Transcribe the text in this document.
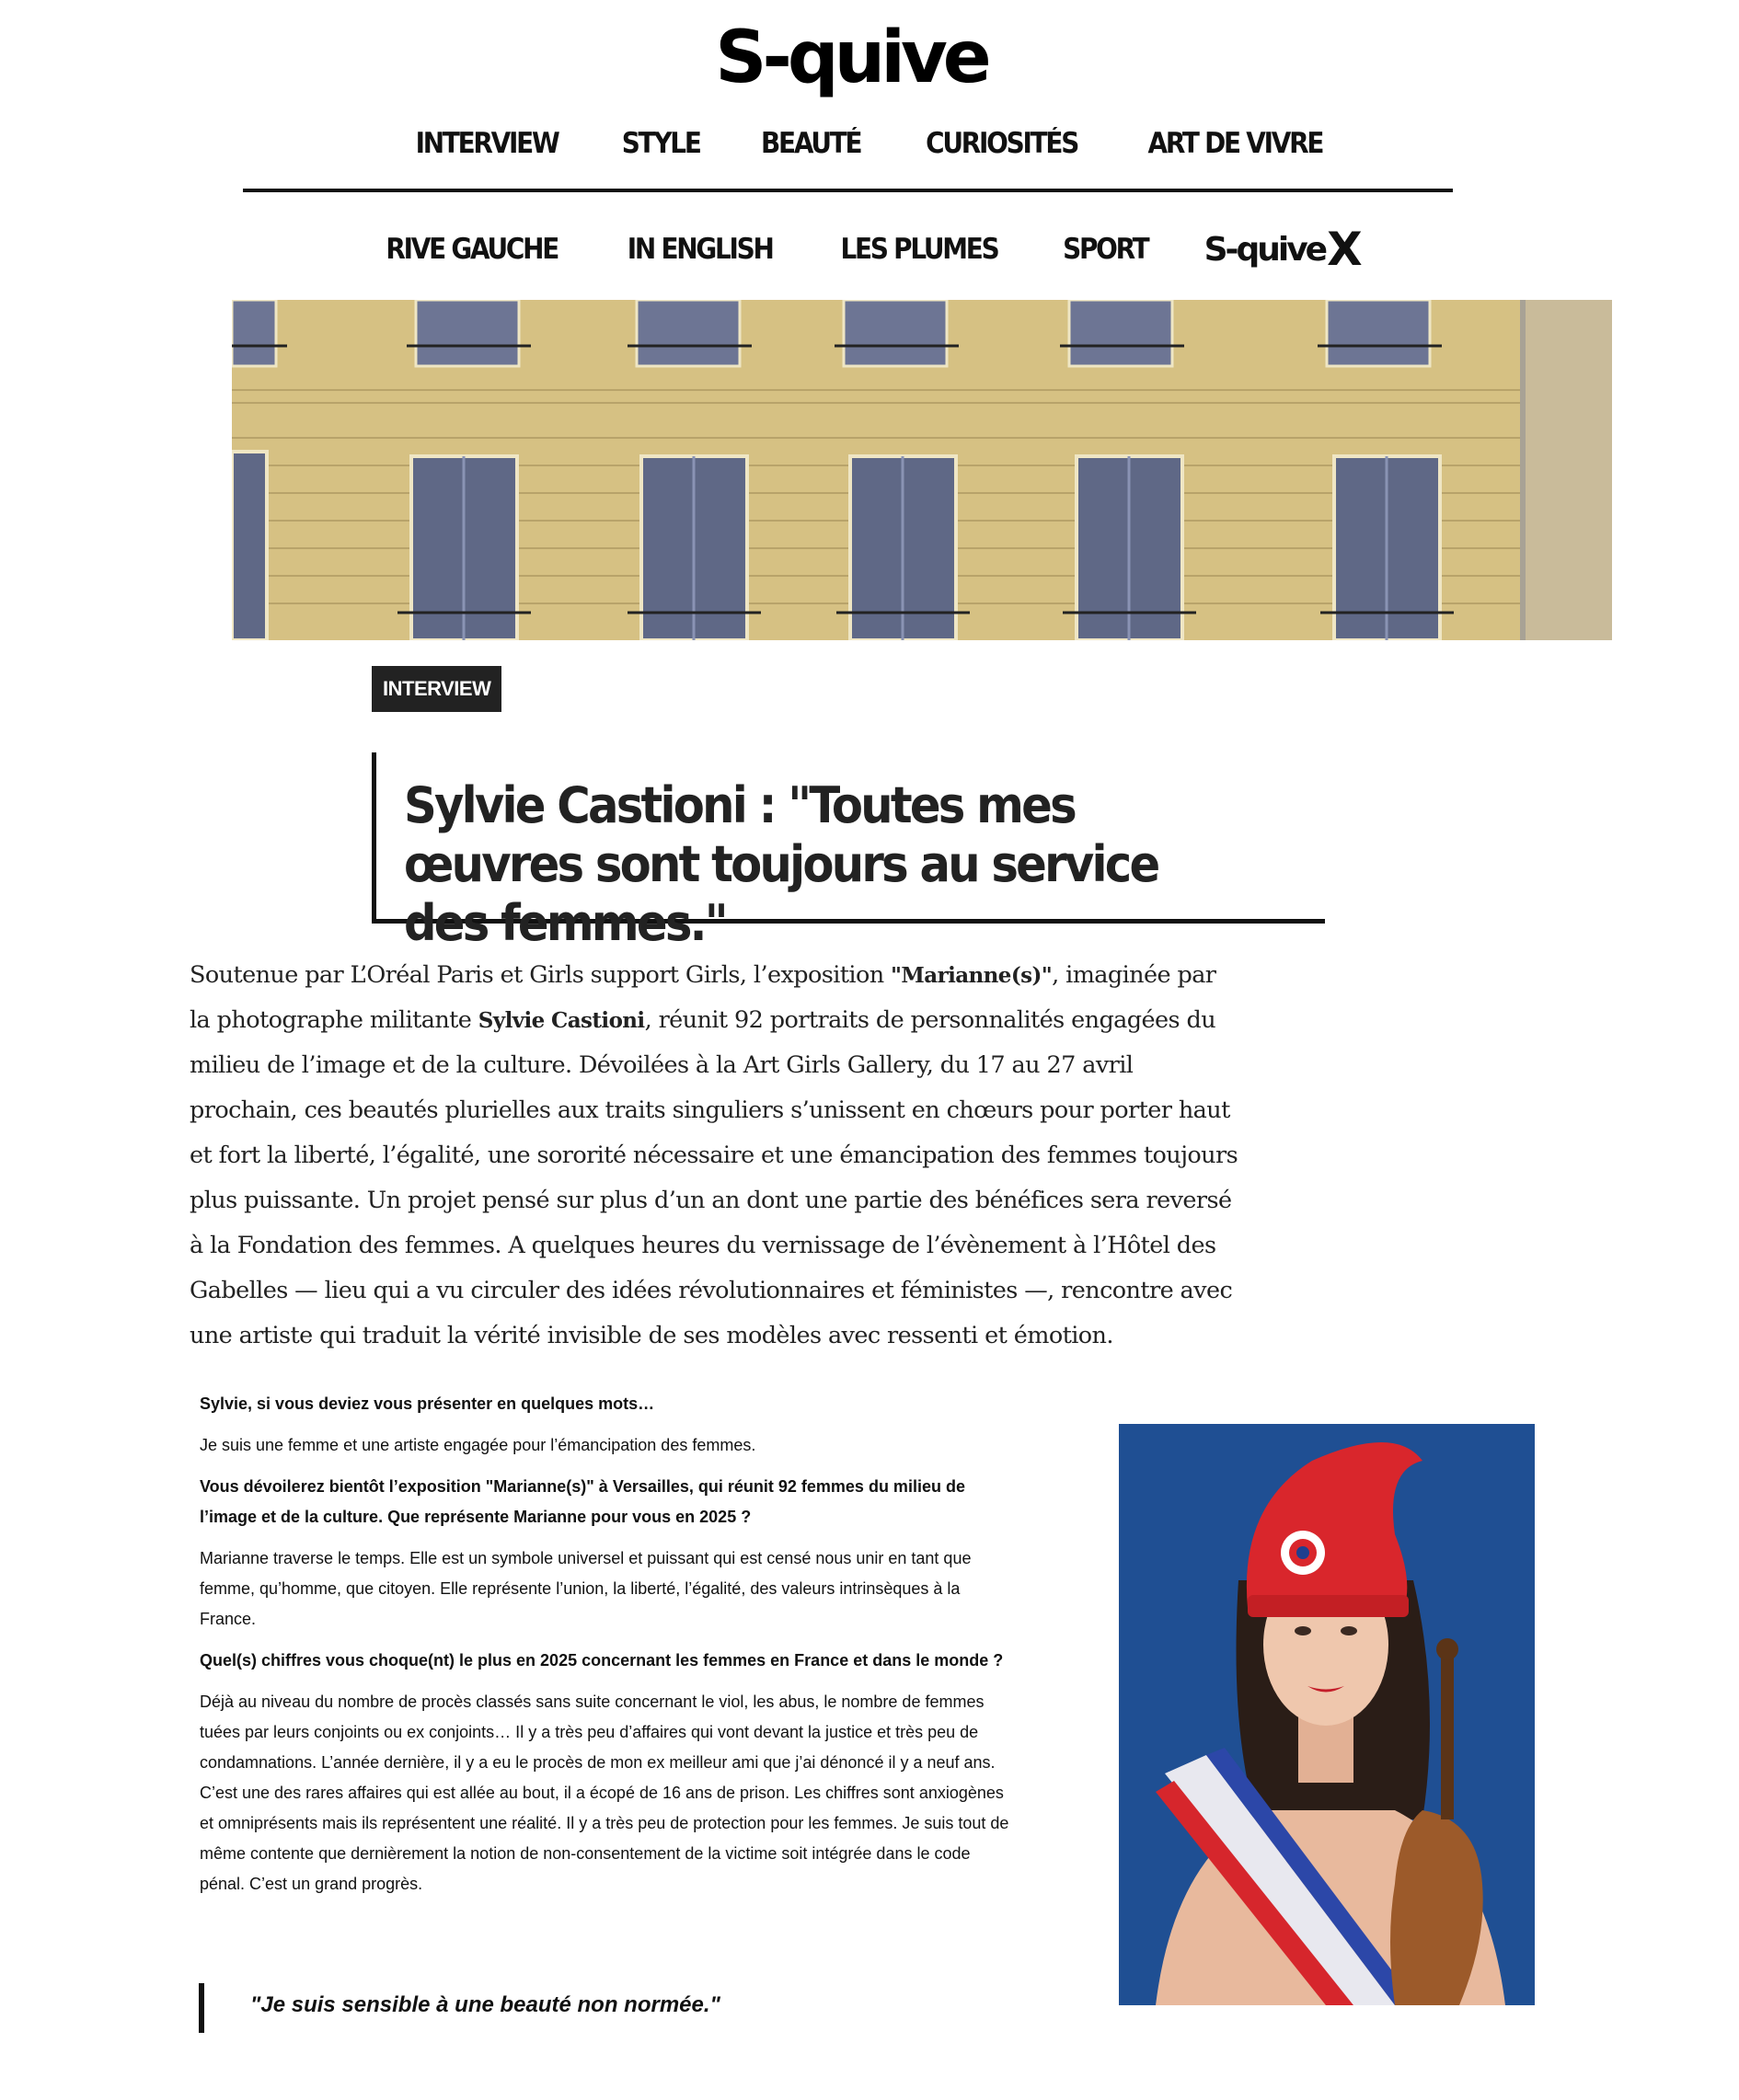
S-quive
INTERVIEW STYLE BEAUTÉ CURIOSITÉS ART DE VIVRE
RIVE GAUCHE IN ENGLISH LES PLUMES SPORT S-quive X
INTERVIEW
Sylvie Castioni : "Toutes mes œuvres sont toujours au service des femmes."

Soutenue par L’Oréal Paris et Girls support Girls, l’exposition "Marianne(s)", imaginée par la photographe militante Sylvie Castioni, réunit 92 portraits de personnalités engagées du milieu de l’image et de la culture. Dévoilées à la Art Girls Gallery, du 17 au 27 avril prochain, ces beautés plurielles aux traits singuliers s’unissent en chœurs pour porter haut et fort la liberté, l’égalité, une sororité nécessaire et une émancipation des femmes toujours plus puissante. Un projet pensé sur plus d’un an dont une partie des bénéfices sera reversé à la Fondation des femmes. A quelques heures du vernissage de l’évènement à l’Hôtel des Gabelles — lieu qui a vu circuler des idées révolutionnaires et féministes —, rencontre avec une artiste qui traduit la vérité invisible de ses modèles avec ressenti et émotion.

Sylvie, si vous deviez vous présenter en quelques mots…

Je suis une femme et une artiste engagée pour l’émancipation des femmes.

Vous dévoilerez bientôt l’exposition "Marianne(s)" à Versailles, qui réunit 92 femmes du milieu de l’image et de la culture. Que représente Marianne pour vous en 2025 ?

Marianne traverse le temps. Elle est un symbole universel et puissant qui est censé nous unir en tant que femme, qu’homme, que citoyen. Elle représente l’union, la liberté, l’égalité, des valeurs intrinsèques à la France.

Quel(s) chiffres vous choque(nt) le plus en 2025 concernant les femmes en France et dans le monde ?

Déjà au niveau du nombre de procès classés sans suite concernant le viol, les abus, le nombre de femmes tuées par leurs conjoints ou ex conjoints… Il y a très peu d’affaires qui vont devant la justice et très peu de condamnations. L’année dernière, il y a eu le procès de mon ex meilleur ami que j’ai dénoncé il y a neuf ans. C’est une des rares affaires qui est allée au bout, il a écopé de 16 ans de prison. Les chiffres sont anxiogènes et omniprésents mais ils représentent une réalité. Il y a très peu de protection pour les femmes. Je suis tout de même contente que dernièrement la notion de non-consentement de la victime soit intégrée dans le code pénal. C’est un grand progrès.

"Je suis sensible à une beauté non normée."
